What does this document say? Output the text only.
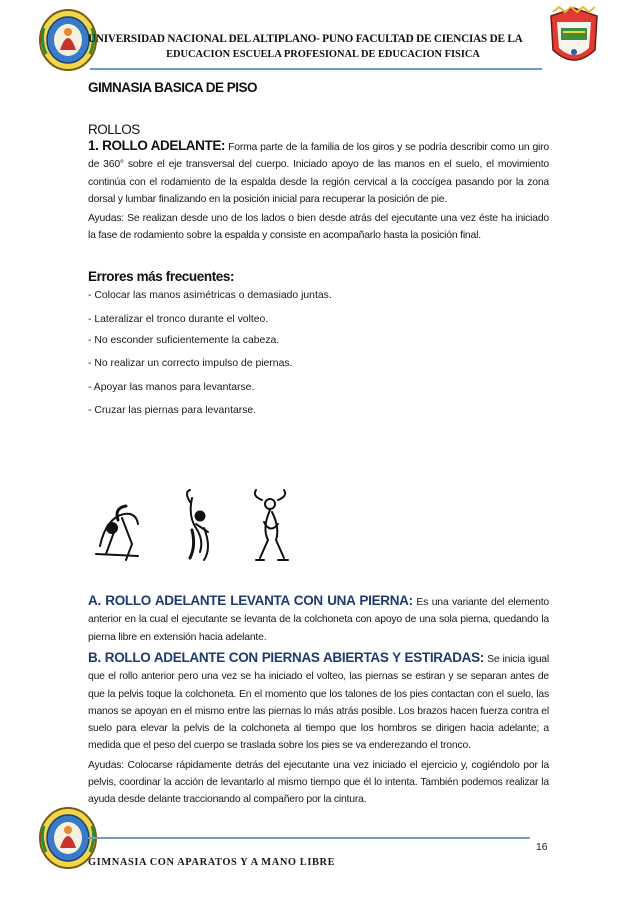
UNIVERSIDAD NACIONAL DEL ALTIPLANO- PUNO FACULTAD DE CIENCIAS DE LA
EDUCACION ESCUELA PROFESIONAL DE EDUCACION FISICA
GIMNASIA BASICA DE PISO
ROLLOS
1. ROLLO ADELANTE: Forma parte de la familia de los giros y se podría describir como un giro de 360° sobre el eje transversal del cuerpo. Iniciado apoyo de las manos en el suelo, el movimiento continúa con el rodamiento de la espalda desde la región cervical a la coccígea pasando por la zona dorsal y lumbar finalizando en la posición inicial para recuperar la posición de pie.
Ayudas: Se realizan desde uno de los lados o bien desde atrás del ejecutante una vez éste ha iniciado la fase de rodamiento sobre la espalda y consiste en acompañarlo hasta la posición final.
Errores más frecuentes:
- Colocar las manos asimétricas o demasiado juntas.
- Lateralizar el tronco durante el volteo.
- No esconder suficientemente la cabeza.
- No realizar un correcto impulso de piernas.
- Apoyar las manos para levantarse.
- Cruzar las piernas para levantarse.
A. ROLLO ADELANTE LEVANTA CON UNA PIERNA: Es una variante del elemento anterior en la cual el ejecutante se levanta de la colchoneta con apoyo de una sola pierna, quedando la pierna libre en extensión hacia adelante.
B. ROLLO ADELANTE CON PIERNAS ABIERTAS Y ESTIRADAS: Se inicia igual que el rollo anterior pero una vez se ha iniciado el volteo, las piernas se estiran y se separan antes de que la pelvis toque la colchoneta. En el momento que los talones de los pies contactan con el suelo, las manos se apoyan en el mismo entre las piernas lo más atrás posible. Los brazos hacen fuerza contra el suelo para elevar la pelvis de la colchoneta al tiempo que los hombros se dirigen hacia adelante; a medida que el peso del cuerpo se traslada sobre los pies se va enderezando el tronco.
Ayudas: Colocarse rápidamente detrás del ejecutante una vez iniciado el ejercicio y, cogiéndolo por la pelvis, coordinar la acción de levantarlo al mismo tiempo que él lo intenta. También podemos realizar la ayuda desde delante traccionando al compañero por la cintura.
16
GIMNASIA CON APARATOS Y A MANO LIBRE
